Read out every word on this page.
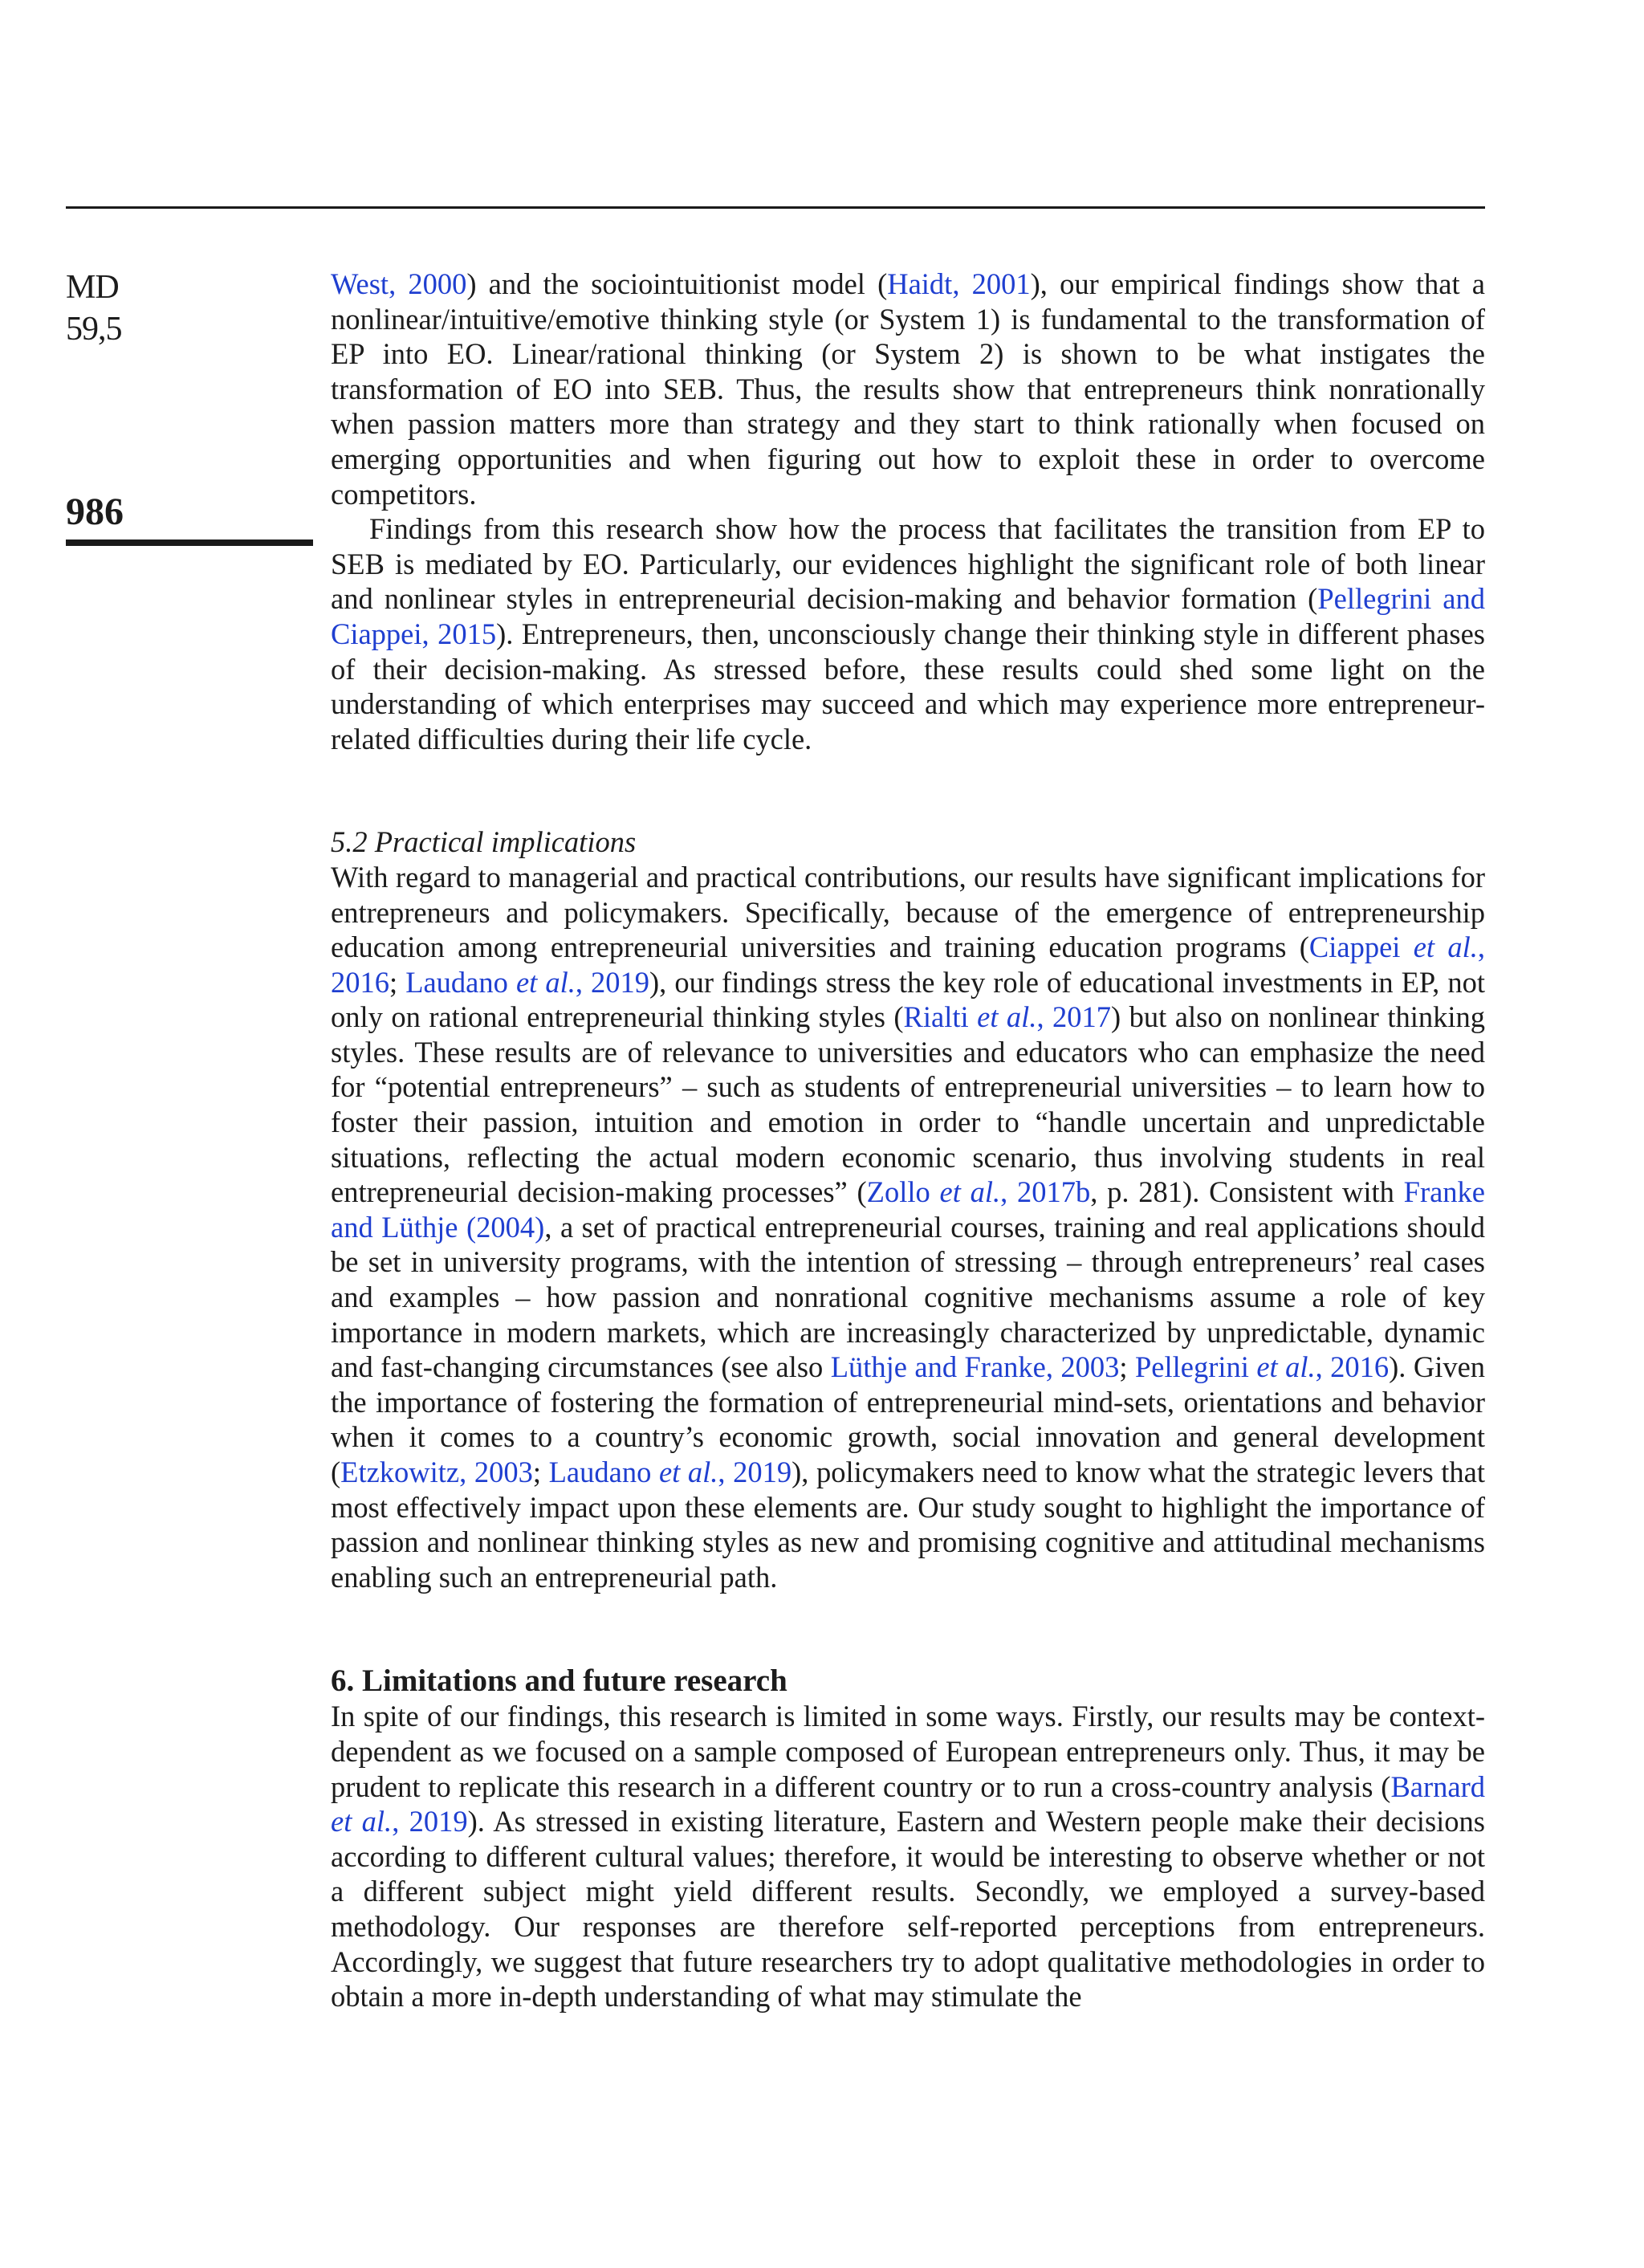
MD
59,5
986

West, 2000) and the sociointuitionist model (Haidt, 2001), our empirical findings show that a nonlinear/intuitive/emotive thinking style (or System 1) is fundamental to the transformation of EP into EO. Linear/rational thinking (or System 2) is shown to be what instigates the transformation of EO into SEB. Thus, the results show that entrepreneurs think nonrationally when passion matters more than strategy and they start to think rationally when focused on emerging opportunities and when figuring out how to exploit these in order to overcome competitors.

Findings from this research show how the process that facilitates the transition from EP to SEB is mediated by EO. Particularly, our evidences highlight the significant role of both linear and nonlinear styles in entrepreneurial decision-making and behavior formation (Pellegrini and Ciappei, 2015). Entrepreneurs, then, unconsciously change their thinking style in different phases of their decision-making. As stressed before, these results could shed some light on the understanding of which enterprises may succeed and which may experience more entrepreneur-related difficulties during their life cycle.

5.2 Practical implications

With regard to managerial and practical contributions, our results have significant implications for entrepreneurs and policymakers. Specifically, because of the emergence of entrepreneurship education among entrepreneurial universities and training education programs (Ciappei et al., 2016; Laudano et al., 2019), our findings stress the key role of educational investments in EP, not only on rational entrepreneurial thinking styles (Rialti et al., 2017) but also on nonlinear thinking styles. These results are of relevance to universities and educators who can emphasize the need for “potential entrepreneurs” – such as students of entrepreneurial universities – to learn how to foster their passion, intuition and emotion in order to “handle uncertain and unpredictable situations, reflecting the actual modern economic scenario, thus involving students in real entrepreneurial decision-making processes” (Zollo et al., 2017b, p. 281). Consistent with Franke and Lüthje (2004), a set of practical entrepreneurial courses, training and real applications should be set in university programs, with the intention of stressing – through entrepreneurs’ real cases and examples – how passion and nonrational cognitive mechanisms assume a role of key importance in modern markets, which are increasingly characterized by unpredictable, dynamic and fast-changing circumstances (see also Lüthje and Franke, 2003; Pellegrini et al., 2016). Given the importance of fostering the formation of entrepreneurial mind-sets, orientations and behavior when it comes to a country’s economic growth, social innovation and general development (Etzkowitz, 2003; Laudano et al., 2019), policymakers need to know what the strategic levers that most effectively impact upon these elements are. Our study sought to highlight the importance of passion and nonlinear thinking styles as new and promising cognitive and attitudinal mechanisms enabling such an entrepreneurial path.

6. Limitations and future research

In spite of our findings, this research is limited in some ways. Firstly, our results may be context-dependent as we focused on a sample composed of European entrepreneurs only. Thus, it may be prudent to replicate this research in a different country or to run a cross-country analysis (Barnard et al., 2019). As stressed in existing literature, Eastern and Western people make their decisions according to different cultural values; therefore, it would be interesting to observe whether or not a different subject might yield different results. Secondly, we employed a survey-based methodology. Our responses are therefore self-reported perceptions from entrepreneurs. Accordingly, we suggest that future researchers try to adopt qualitative methodologies in order to obtain a more in-depth understanding of what may stimulate the
